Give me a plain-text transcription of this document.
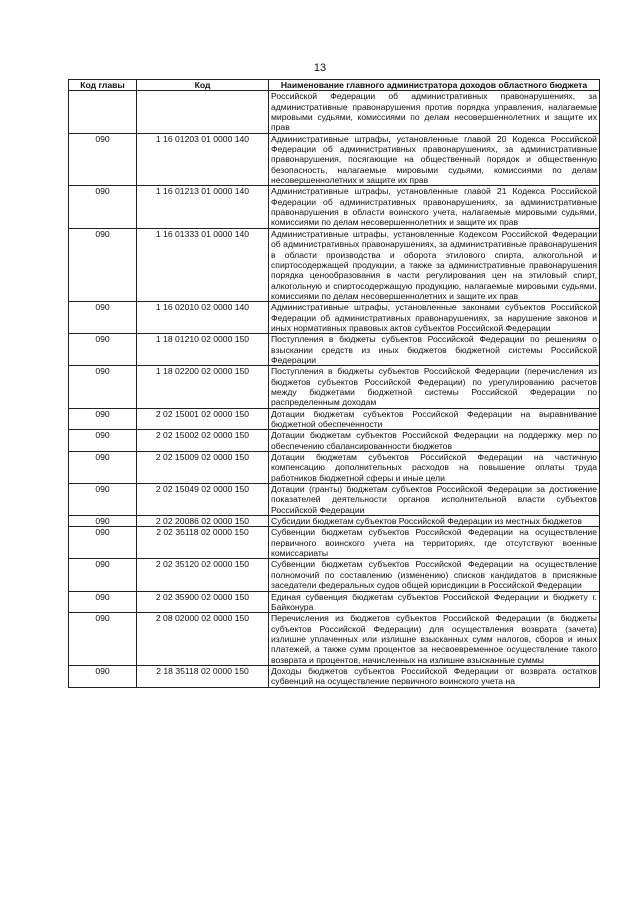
13
Код главы	Код	Наименование главного администратора доходов областного бюджета
		Российской Федерации об административных правонарушениях, за административные правонарушения против порядка управления, налагаемые мировыми судьями, комиссиями по делам несовершеннолетних и защите их прав
090	1 16 01203 01 0000 140	Административные штрафы, установленные главой 20 Кодекса Российской Федерации об административных правонарушениях, за административные правонарушения, посягающие на общественный порядок и общественную безопасность, налагаемые мировыми судьями, комиссиями по делам несовершеннолетних и защите их прав
090	1 16 01213 01 0000 140	Административные штрафы, установленные главой 21 Кодекса Российской Федерации об административных правонарушениях, за административные правонарушения в области воинского учета, налагаемые мировыми судьями, комиссиями по делам несовершеннолетних и защите их прав
090	1 16 01333 01 0000 140	Административные штрафы, установленные Кодексом Российской Федерации об административных правонарушениях, за административные правонарушения в области производства и оборота этилового спирта, алкогольной и спиртосодержащей продукции, а также за административные правонарушения порядка ценообразования в части регулирования цен на этиловый спирт, алкогольную и спиртосодержащую продукцию, налагаемые мировыми судьями, комиссиями по делам несовершеннолетних и защите их прав
090	1 16 02010 02 0000 140	Административные штрафы, установленные законами субъектов Российской Федерации об административных правонарушениях, за нарушение законов и иных нормативных правовых актов субъектов Российской Федерации
090	1 18 01210 02 0000 150	Поступления в бюджеты субъектов Российской Федерации по решениям о взыскании средств из иных бюджетов бюджетной системы Российской Федерации
090	1 18 02200 02 0000 150	Поступления в бюджеты субъектов Российской Федерации (перечисления из бюджетов субъектов Российской Федерации) по урегулированию расчетов между бюджетами бюджетной системы Российской Федерации по распределенным доходам
090	2 02 15001 02 0000 150	Дотации бюджетам субъектов Российской Федерации на выравнивание бюджетной обеспеченности
090	2 02 15002 02 0000 150	Дотации бюджетам субъектов Российской Федерации на поддержку мер по обеспечению сбалансированности бюджетов
090	2 02 15009 02 0000 150	Дотации бюджетам субъектов Российской Федерации на частичную компенсацию дополнительных расходов на повышение оплаты труда работников бюджетной сферы и иные цели
090	2 02 15049 02 0000 150	Дотации (гранты) бюджетам субъектов Российской Федерации за достижение показателей деятельности органов исполнительной власти субъектов Российской Федерации
090	2 02 20086 02 0000 150	Субсидии бюджетам субъектов Российской Федерации из местных бюджетов
090	2 02 35118 02 0000 150	Субвенции бюджетам субъектов Российской Федерации на осуществление первичного воинского учета на территориях, где отсутствуют военные комиссариаты
090	2 02 35120 02 0000 150	Субвенции бюджетам субъектов Российской Федерации на осуществление полномочий по составлению (изменению) списков кандидатов в присяжные заседатели федеральных судов общей юрисдикции в Российской Федерации
090	2 02 35900 02 0000 150	Единая субвенция бюджетам субъектов Российской Федерации и бюджету г. Байконура
090	2 08 02000 02 0000 150	Перечисления из бюджетов субъектов Российской Федерации (в бюджеты субъектов Российской Федерации) для осуществления возврата (зачета) излишне уплаченных или излишне взысканных сумм налогов, сборов и иных платежей, а также сумм процентов за несвоевременное осуществление такого возврата и процентов, начисленных на излишне взысканные суммы
090	2 18 35118 02 0000 150	Доходы бюджетов субъектов Российской Федерации от возврата остатков субвенций на осуществление первичного воинского учета на
